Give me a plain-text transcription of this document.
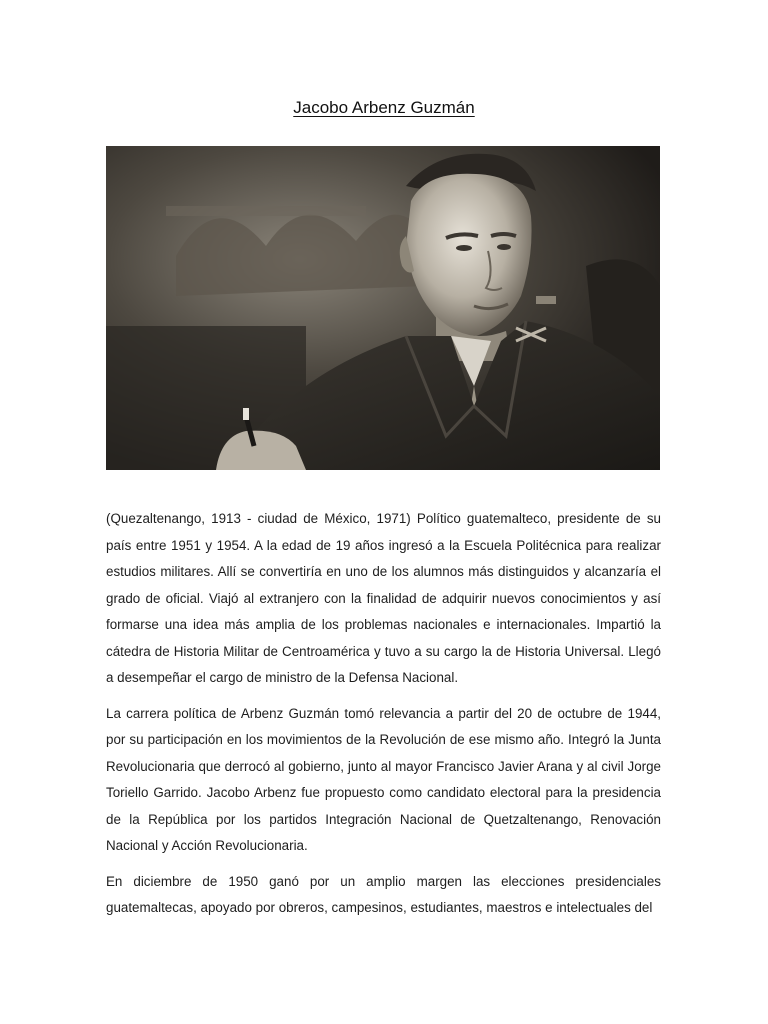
Jacobo Arbenz Guzmán

(Quezaltenango, 1913 - ciudad de México, 1971) Político guatemalteco, presidente de su país entre 1951 y 1954. A la edad de 19 años ingresó a la Escuela Politécnica para realizar estudios militares. Allí se convertiría en uno de los alumnos más distinguidos y alcanzaría el grado de oficial. Viajó al extranjero con la finalidad de adquirir nuevos conocimientos y así formarse una idea más amplia de los problemas nacionales e internacionales. Impartió la cátedra de Historia Militar de Centroamérica y tuvo a su cargo la de Historia Universal. Llegó a desempeñar el cargo de ministro de la Defensa Nacional.

La carrera política de Arbenz Guzmán tomó relevancia a partir del 20 de octubre de 1944, por su participación en los movimientos de la Revolución de ese mismo año. Integró la Junta Revolucionaria que derrocó al gobierno, junto al mayor Francisco Javier Arana y al civil Jorge Toriello Garrido. Jacobo Arbenz fue propuesto como candidato electoral para la presidencia de la República por los partidos Integración Nacional de Quetzaltenango, Renovación Nacional y Acción Revolucionaria.

En diciembre de 1950 ganó por un amplio margen las elecciones presidenciales guatemaltecas, apoyado por obreros, campesinos, estudiantes, maestros e intelectuales del
